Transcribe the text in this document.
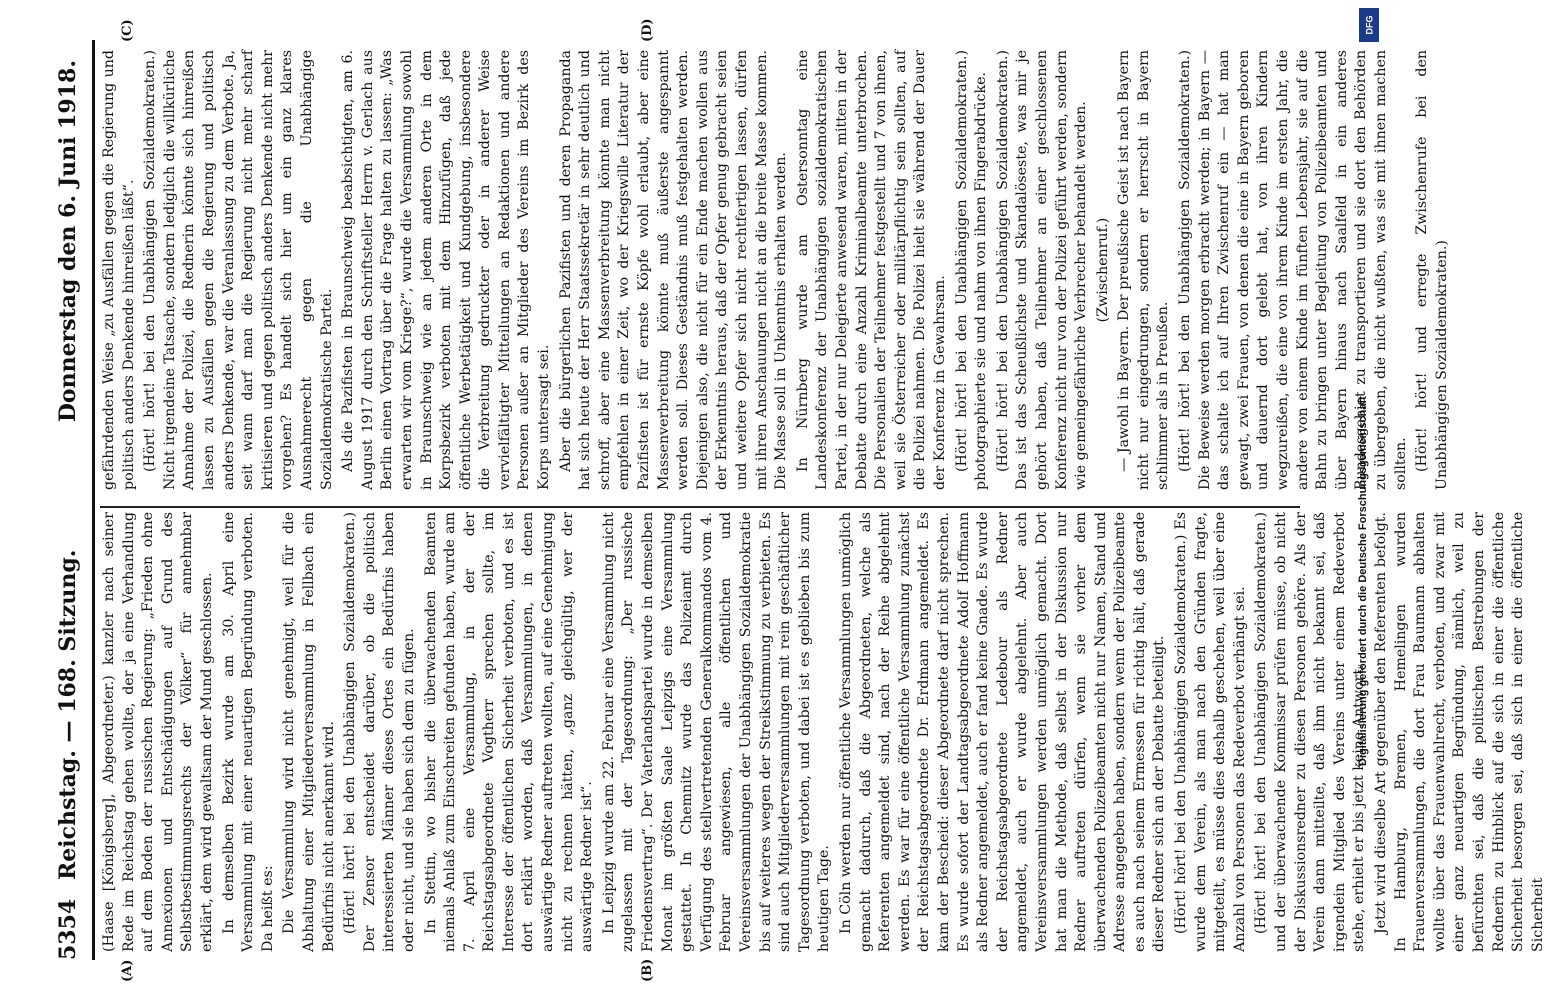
5354
Reichstag. — 168. Sitzung.
Donnerstag den 6. Juni 1918.
(A)	(B)
(C)	(D)

(Haase [Königsberg], Abgeordneter.) kanzler nach seiner Rede im Reichstag gehen wollte, der ja eine Verhandlung auf dem Boden der russischen Regierung: „Frieden ohne Annexionen und Entschädigungen auf Grund des Selbstbestimmungsrechts der Völker“ für annehmbar erklärt, dem wird gewaltsam der Mund geschlossen. In demselben Bezirk wurde am 30. April eine Versammlung mit einer neuartigen Begründung verboten. Da heißt es: Die Versammlung wird nicht genehmigt, weil für die Abhaltung einer Mitgliederversammlung in Fellbach ein Bedürfnis nicht anerkannt wird. (Hört! hört! bei den Unabhängigen Sozialdemokraten.) Der Zensor entscheidet darüber, ob die politisch interessierten Männer dieses Ortes ein Bedürfnis haben oder nicht, und sie haben sich dem zu fügen. In Stettin, wo bisher die überwachenden Beamten niemals Anlaß zum Einschreiten gefunden haben, wurde am 7. April eine Versammlung, in der der Reichstagsabgeordnete Vogtherr sprechen sollte, im Interesse der öffentlichen Sicherheit verboten, und es ist dort erklärt worden, daß Versammlungen, in denen auswärtige Redner auftreten wollten, auf eine Genehmigung nicht zu rechnen hätten, „ganz gleichgültig, wer der auswärtige Redner ist“. In Leipzig wurde am 22. Februar eine Versammlung nicht zugelassen mit der Tagesordnung: „Der russische Friedensvertrag“. Der Vaterlandspartei wurde in demselben Monat im größten Saale Leipzigs eine Versammlung gestattet. In Chemnitz wurde das Polizeiamt durch Verfügung des stellvertretenden Generalkommandos vom 4. Februar angewiesen, alle öffentlichen und Vereinsversammlungen der Unabhängigen Sozialdemokratie bis auf weiteres wegen der Streikstimmung zu verbieten. Es sind auch Mitgliederversammlungen mit rein geschäftlicher Tagesordnung verboten, und dabei ist es geblieben bis zum heutigen Tage. In Cöln werden nur öffentliche Versammlungen unmöglich gemacht dadurch, daß die Abgeordneten, welche als Referenten angemeldet sind, nach der Reihe abgelehnt werden. Es war für eine öffentliche Versammlung zunächst der Reichstagsabgeordnete Dr. Erdmann angemeldet. Es kam der Bescheid: dieser Abgeordnete darf nicht sprechen. Es wurde sofort der Landtagsabgeordnete Adolf Hoffmann als Redner angemeldet, auch er fand keine Gnade. Es wurde der Reichstagsabgeordnete Ledebour als Redner angemeldet, auch er wurde abgelehnt. Aber auch Vereinsversammlungen werden unmöglich gemacht. Dort hat man die Methode, daß selbst in der Diskussion nur Redner auftreten dürfen, wenn sie vorher dem überwachenden Polizeibeamten nicht nur Namen, Stand und Adresse angegeben haben, sondern wenn der Polizeibeamte es auch nach seinem Ermessen für richtig hält, daß gerade dieser Redner sich an der Debatte beteiligt. (Hört! hört! bei den Unabhängigen Sozialdemokraten.) Es wurde dem Verein, als man nach den Gründen fragte, mitgeteilt, es müsse dies deshalb geschehen, weil über eine Anzahl von Personen das Redeverbot verhängt sei. (Hört! hört! bei den Unabhängigen Sozialdemokraten.) und der überwachende Kommissar prüfen müsse, ob nicht der Diskussionsredner zu diesen Personen gehöre. Als der Verein dann mitteilte, daß ihm nicht bekannt sei, daß irgendein Mitglied des Vereins unter einem Redeverbot stehe, erhielt er bis jetzt keine Antwort. Jetzt wird dieselbe Art gegenüber den Referenten befolgt. In Hamburg, Bremen, Hemelingen wurden Frauenversammlungen, die dort Frau Baumann abhalten wollte über das Frauenwahlrecht, verboten, und zwar mit einer ganz neuartigen Begründung, nämlich, weil zu befürchten sei, daß die politischen Bestrebungen der Rednerin zu Hinblick auf die sich in einer die öffentliche Sicherheit besorgen sei, daß sich in einer die öffentliche Sicherheit

gefährdenden Weise „zu Ausfällen gegen die Regierung und politisch anders Denkende hinreißen läßt“. (Hört! hört! bei den Unabhängigen Sozialdemokraten.) Nicht irgendeine Tatsache, sondern lediglich die willkürliche Annahme der Polizei, die Rednerin könnte sich hinreißen lassen zu Ausfällen gegen die Regierung und politisch anders Denkende, war die Veranlassung zu dem Verbote. Ja, seit wann darf man die Regierung nicht mehr scharf kritisieren und gegen politisch anders Denkende nicht mehr vorgehen? Es handelt sich hier um ein ganz klares Ausnahmerecht gegen die Unabhängige Sozialdemokratische Partei. Als die Pazifisten in Braunschweig beabsichtigten, am 6. August 1917 durch den Schriftsteller Herrn v. Gerlach aus Berlin einen Vortrag über die Frage halten zu lassen: „Was erwarten wir vom Kriege?“, wurde die Versammlung sowohl in Braunschweig wie an jedem anderen Orte in dem Korpsbezirk verboten mit dem Hinzufügen, daß jede öffentliche Werbetätigkeit und Kundgebung, insbesondere die Verbreitung gedruckter oder in anderer Weise vervielfältigter Mitteilungen an Redaktionen und andere Personen außer an Mitglieder des Vereins im Bezirk des Korps untersagt sei. Aber die bürgerlichen Pazifisten und deren Propaganda hat sich heute der Herr Staatssekretär in sehr deutlich und schroff, aber eine Massenverbreitung könnte man nicht empfehlen in einer Zeit, wo der Kriegswille Literatur der Pazifisten ist für ernste Köpfe wohl erlaubt, aber eine Massenverbreitung könnte muß äußerste angespannt werden soll. Dieses Geständnis muß festgehalten werden. Diejenigen also, die nicht für ein Ende machen wollen aus der Erkenntnis heraus, daß der Opfer genug gebracht seien und weitere Opfer sich nicht rechtfertigen lassen, dürfen mit ihren Anschauungen nicht an die breite Masse kommen. Die Masse soll in Unkenntnis erhalten werden. In Nürnberg wurde am Ostersonntag eine Landeskonferenz der Unabhängigen sozialdemokratischen Partei, in der nur Delegierte anwesend waren, mitten in der Debatte durch eine Anzahl Kriminalbeamte unterbrochen. Die Personalien der Teilnehmer festgestellt und 7 von ihnen, weil sie Österreicher oder militärpflichtig sein sollten, auf die Polizei nahmen. Die Polizei hielt sie während der Dauer der Konferenz in Gewahrsam. (Hört! hört! bei den Unabhängigen Sozialdemokraten.) photographierte sie und nahm von ihnen Fingerabdrücke. (Hört! hört! bei den Unabhängigen Sozialdemokraten.) Das ist das Scheußlichste und Skandalöseste, was mir je gehört haben, daß Teilnehmer an einer geschlossenen Konferenz nicht nur von der Polizei geführt werden, sondern wie gemeingefährliche Verbrecher behandelt werden. (Zwischenruf.) — Jawohl in Bayern. Der preußische Geist ist nach Bayern nicht nur eingedrungen, sondern er herrscht in Bayern schlimmer als in Preußen. (Hört! hört! bei den Unabhängigen Sozialdemokraten.) Die Beweise werden morgen erbracht werden; in Bayern — das schalte ich auf Ihren Zwischenruf ein — hat man gewagt, zwei Frauen, von denen die eine in Bayern geboren und dauernd dort gelebt hat, von ihren Kindern wegzureißen, die eine von ihrem Kinde im ersten Jahr, die andere von einem Kinde im fünften Lebensjahr, sie auf die Bahn zu bringen unter Begleitung von Polizeibeamten und über Bayern hinaus nach Saalfeld in ein anderes Bundesgebiet zu transportieren und sie dort den Behörden zu übergeben, die nicht wußten, was sie mit ihnen machen sollten. (Hört! hört! und erregte Zwischenrufe bei den Unabhängigen Sozialdemokraten.)

DFG
Digitalisierung gefördert durch die Deutsche Forschungsgemeinschaft
